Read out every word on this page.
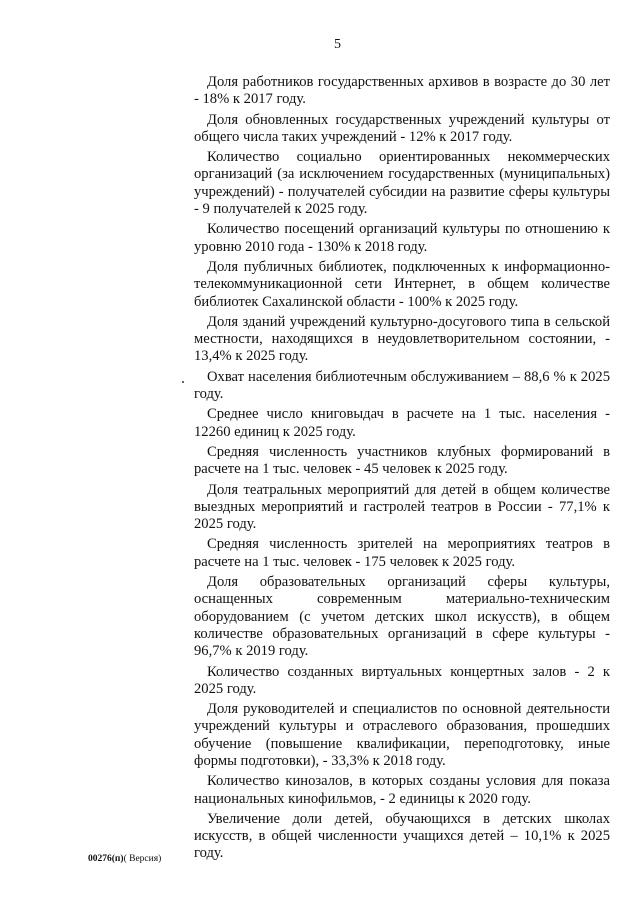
5

Доля работников государственных архивов в возрасте до 30 лет - 18% к 2017 году.

Доля обновленных государственных учреждений культуры от общего числа таких учреждений - 12% к 2017 году.

Количество социально ориентированных некоммерческих организаций (за исключением государственных (муниципальных) учреждений) - получателей субсидии на развитие сферы культуры - 9 получателей к 2025 году.

Количество посещений организаций культуры по отношению к уровню 2010 года - 130% к 2018 году.

Доля публичных библиотек, подключенных к информационно-телекоммуникационной сети Интернет, в общем количестве библиотек Сахалинской области - 100% к 2025 году.

Доля зданий учреждений культурно-досугового типа в сельской местности, находящихся в неудовлетворительном состоянии, - 13,4% к 2025 году.

Охват населения библиотечным обслуживанием – 88,6 % к 2025 году.

Среднее число книговыдач в расчете на 1 тыс. населения - 12260 единиц к 2025 году.

Средняя численность участников клубных формирований в расчете на 1 тыс. человек - 45 человек к 2025 году.

Доля театральных мероприятий для детей в общем количестве выездных мероприятий и гастролей театров в России - 77,1% к 2025 году.

Средняя численность зрителей на мероприятиях театров в расчете на 1 тыс. человек - 175 человек к 2025 году.

Доля образовательных организаций сферы культуры, оснащенных современным материально-техническим оборудованием (с учетом детских школ искусств), в общем количестве образовательных организаций в сфере культуры - 96,7% к 2019 году.

Количество созданных виртуальных концертных залов - 2 к 2025 году.

Доля руководителей и специалистов по основной деятельности учреждений культуры и отраслевого образования, прошедших обучение (повышение квалификации, переподготовку, иные формы подготовки), - 33,3% к 2018 году.

Количество кинозалов, в которых созданы условия для показа национальных кинофильмов, - 2 единицы к 2020 году.

Увеличение доли детей, обучающихся в детских школах искусств, в общей численности учащихся детей – 10,1% к 2025 году.

00276(п)( Версия)
